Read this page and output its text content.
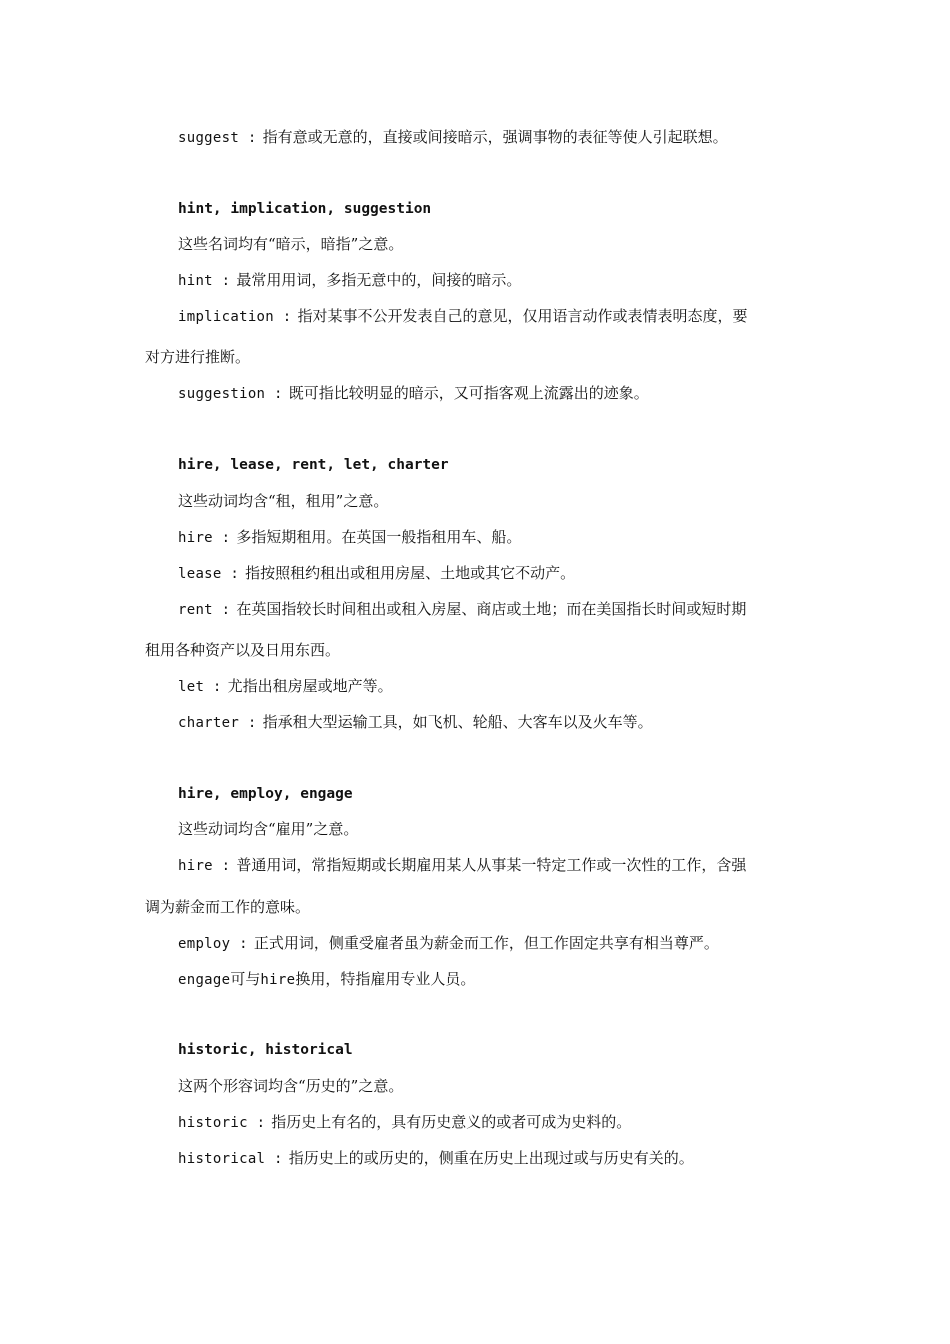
suggest : 指有意或无意的，直接或间接暗示，强调事物的表征等使人引起联想。
hint, implication, suggestion
这些名词均有“暗示，暗指”之意。
hint : 最常用用词，多指无意中的，间接的暗示。
implication : 指对某事不公开发表自己的意见，仅用语言动作或表情表明态度，要
对方进行推断。
suggestion : 既可指比较明显的暗示，又可指客观上流露出的迹象。
hire, lease, rent, let, charter
这些动词均含“租，租用”之意。
hire : 多指短期租用。在英国一般指租用车、船。
lease : 指按照租约租出或租用房屋、土地或其它不动产。
rent : 在英国指较长时间租出或租入房屋、商店或土地；而在美国指长时间或短时期
租用各种资产以及日用东西。
let : 尤指出租房屋或地产等。
charter : 指承租大型运输工具，如飞机、轮船、大客车以及火车等。
hire, employ, engage
这些动词均含“雇用”之意。
hire : 普通用词，常指短期或长期雇用某人从事某一特定工作或一次性的工作，含强
调为薪金而工作的意味。
employ : 正式用词，侧重受雇者虽为薪金而工作，但工作固定共享有相当尊严。
engage可与hire换用，特指雇用专业人员。
historic, historical
这两个形容词均含“历史的”之意。
historic : 指历史上有名的，具有历史意义的或者可成为史料的。
historical : 指历史上的或历史的，侧重在历史上出现过或与历史有关的。
